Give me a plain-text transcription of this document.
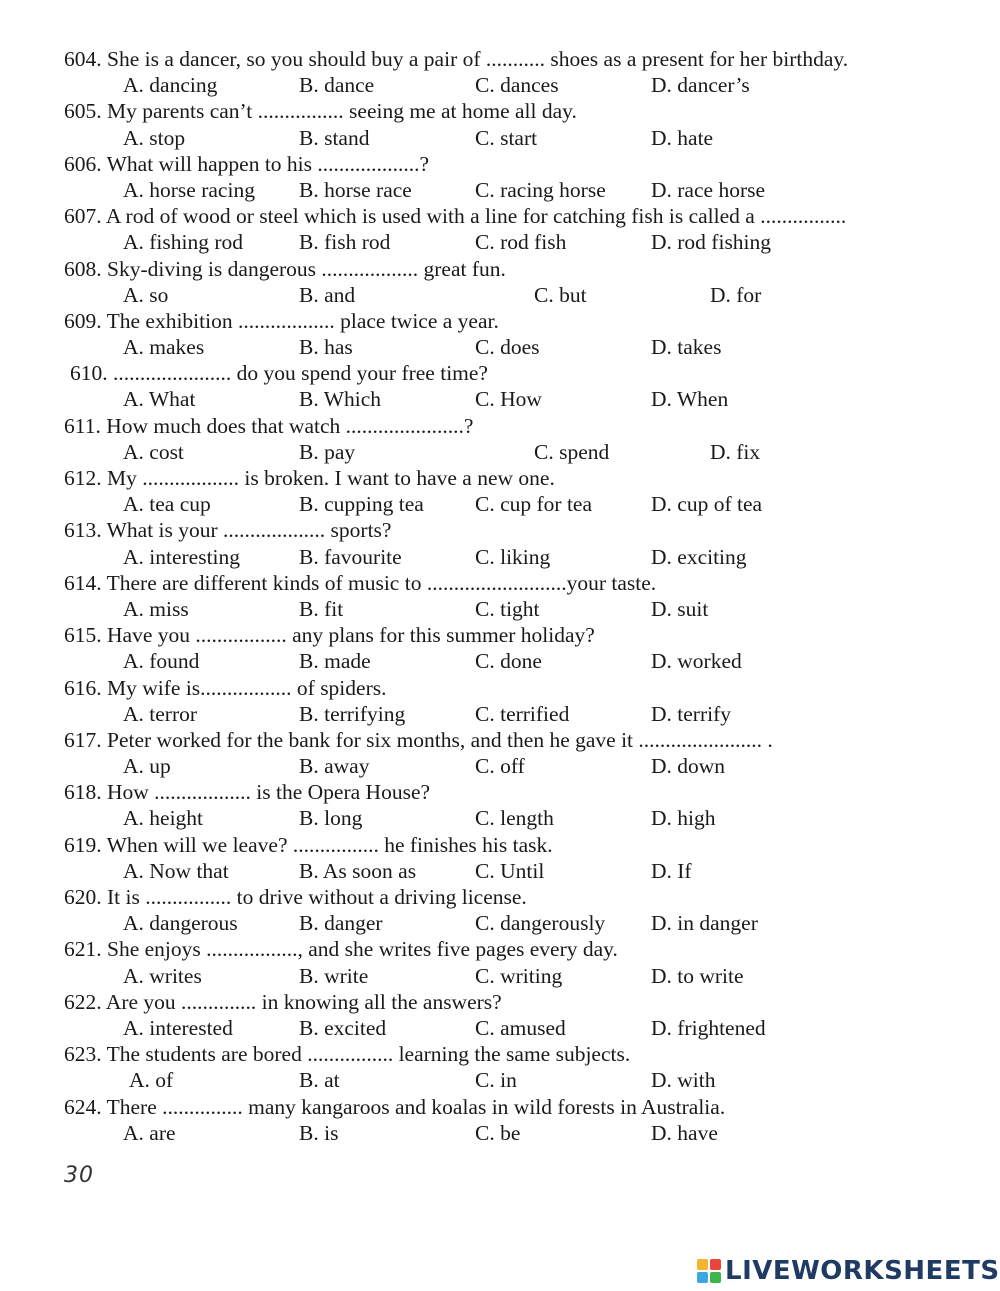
604. She is a dancer, so you should buy a pair of ........... shoes as a present for her birthday.
A. dancing	B. dance	C. dances	D. dancer’s
605. My parents can’t ................ seeing me at home all day.
A. stop	B. stand	C. start	D. hate
606. What will happen to his ...................?
A. horse racing B. horse race	C. racing horse D. race horse
607. A rod of wood or steel which is used with a line for catching fish is called a ................
A. fishing rod	B. fish rod	C. rod fish	D. rod fishing
608. Sky-diving is dangerous .................. great fun.
A. so	B. and	C. but	D. for
609. The exhibition .................. place twice a year.
A. makes	B. has	C. does	D. takes
610. ...................... do you spend your free time?
A. What	B. Which	C. How	D. When
611. How much does that watch ......................?
A. cost	B. pay	C. spend	D. fix
612. My .................. is broken. I want to have a new one.
A. tea cup	B. cupping tea C. cup for tea	D. cup of tea
613. What is your ................... sports?
A. interesting	B. favourite	C. liking	D. exciting
614. There are different kinds of music to ..........................your taste.
A. miss	B. fit	C. tight	D. suit
615. Have you ................. any plans for this summer holiday?
A. found	B. made	C. done	D. worked
616. My wife is................. of spiders.
A. terror	B. terrifying	C. terrified	D. terrify
617. Peter worked for the bank for six months, and then he gave it ....................... .
A. up	B. away	C. off	D. down
618. How .................. is the Opera House?
A. height	B. long	C. length	D. high
619. When will we leave? ................ he finishes his task.
A. Now that	B. As soon as	C. Until	D. If
620. It is ................ to drive without a driving license.
A. dangerous	B. danger	C. dangerously D. in danger
621. She enjoys ................., and she writes five pages every day.
A. writes	B. write	C. writing	D. to write
622. Are you .............. in knowing all the answers?
A. interested	B. excited	C. amused	D. frightened
623. The students are bored ................ learning the same subjects.
A. of	B. at	C. in	D. with
624. There ............... many kangaroos and koalas in wild forests in Australia.
A. are	B. is	C. be	D. have
30
LIVEWORKSHEETS
